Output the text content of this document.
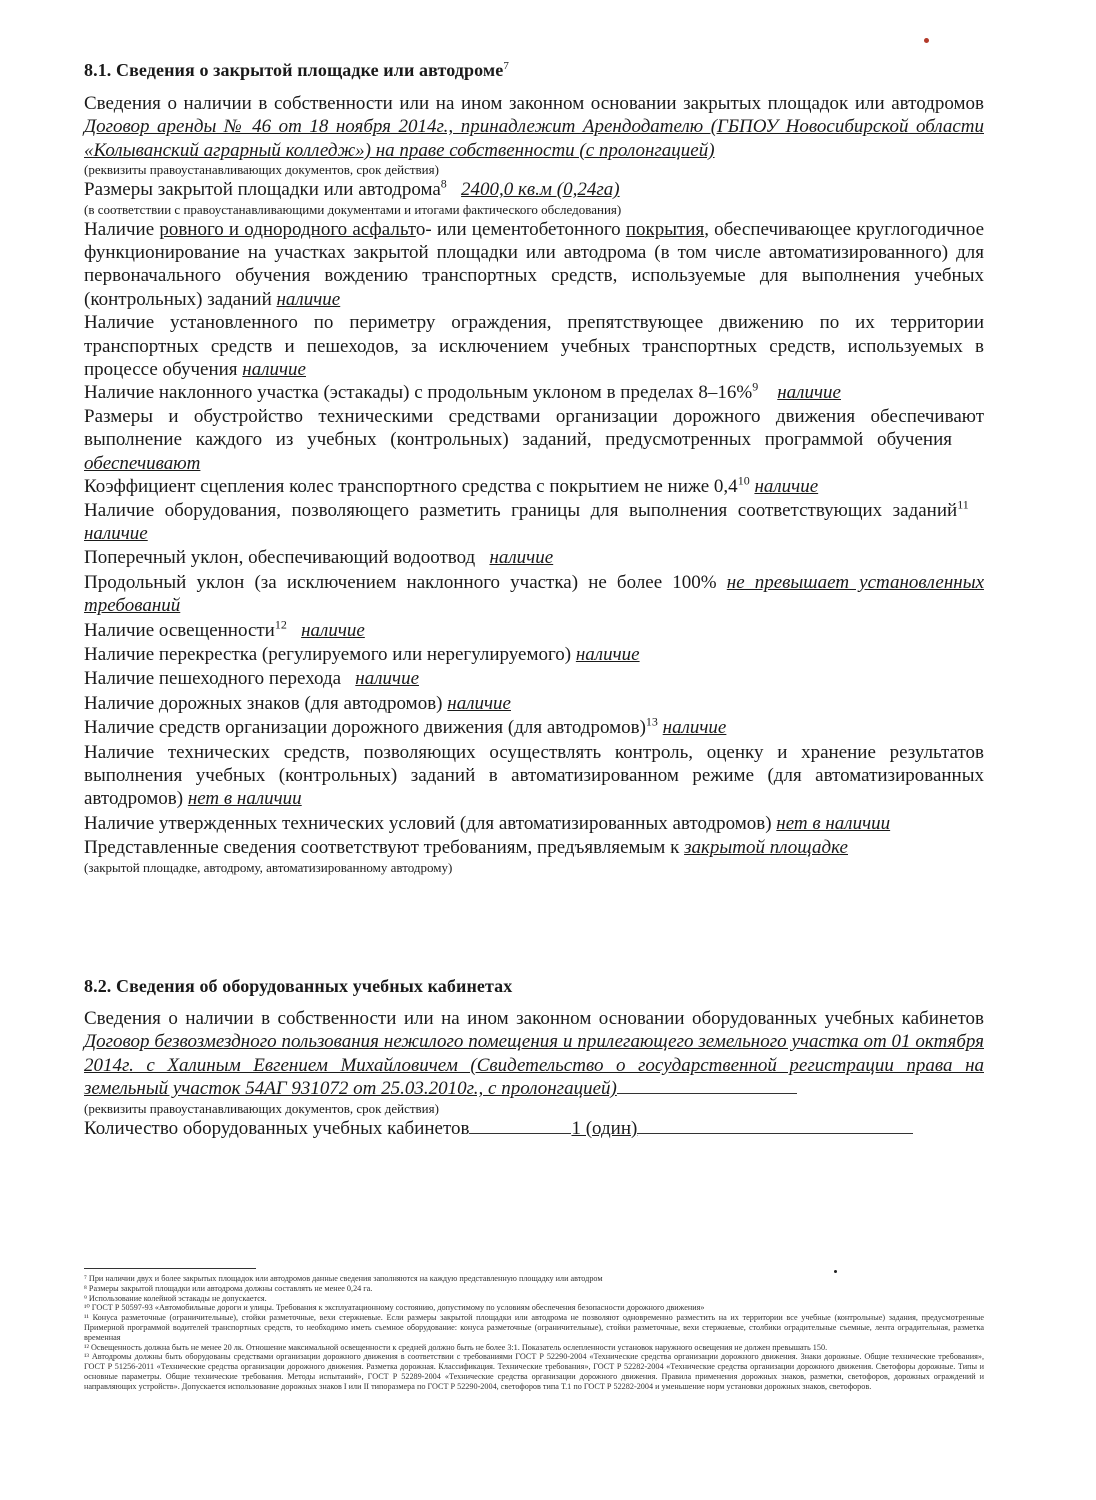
8.1. Сведения о закрытой площадке или автодроме$^7$

Сведения о наличии в собственности или на ином законном основании закрытых площадок или автодромов Договор аренды № 46 от 18 ноября 2014г., принадлежит Арендодателю (ГБПОУ Новосибирской области «Колыванский аграрный колледж») на праве собственности (с пролонгацией)

(реквизиты правоустанавливающих документов, срок действия)

Размеры закрытой площадки или автодрома$^8$ 2400,0 кв.м (0,24га)

(в соответствии с правоустанавливающими документами и итогами фактического обследования)

Наличие ровного и однородного асфальто- или цементобетонного покрытия, обеспечивающее круглогодичное функционирование на участках закрытой площадки или автодрома (в том числе автоматизированного) для первоначального обучения вождению транспортных средств, используемые для выполнения учебных (контрольных) заданий наличие

Наличие установленного по периметру ограждения, препятствующее движению по их территории транспортных средств и пешеходов, за исключением учебных транспортных средств, используемых в процессе обучения наличие

Наличие наклонного участка (эстакады) с продольным уклоном в пределах 8–16%$^9$ наличие

Размеры и обустройство техническими средствами организации дорожного движения обеспечивают выполнение каждого из учебных (контрольных) заданий, предусмотренных программой обучения    обеспечивают

Коэффициент сцепления колес транспортного средства с покрытием не ниже $0,4^{10}$ наличие

Наличие оборудования, позволяющего разметить границы для выполнения соответствующих заданий$^{11}$   наличие

Поперечный уклон, обеспечивающий водоотвод наличие

Продольный уклон (за исключением наклонного участка) не более 100% не превышает установленных требований

Наличие освещенности$^{12}$ наличие

Наличие перекрестка (регулируемого или нерегулируемого) наличие

Наличие пешеходного перехода наличие

Наличие дорожных знаков (для автодромов) наличие

Наличие средств организации дорожного движения (для автодромов)$^{13}$ наличие

Наличие технических средств, позволяющих осуществлять контроль, оценку и хранение результатов выполнения учебных (контрольных) заданий в автоматизированном режиме (для автоматизированных автодромов) нет в наличии

Наличие утвержденных технических условий (для автоматизированных автодромов) нет в наличии

Представленные сведения соответствуют требованиям, предъявляемым к закрытой площадке

(закрытой площадке, автодрому, автоматизированному автодрому)

8.2. Сведения об оборудованных учебных кабинетах

Сведения о наличии в собственности или на ином законном основании оборудованных учебных кабинетов Договор безвозмездного пользования нежилого помещения и прилегающего земельного участка от 01 октября 2014г. с Халиным Евгением Михайловичем (Свидетельство о государственной регистрации права на земельный участок 54АГ 931072 от 25.03.2010г., с пролонгацией)

(реквизиты правоустанавливающих документов, срок действия)

Количество оборудованных учебных кабинетов	1 (один)

⁷ При наличии двух и более закрытых площадок или автодромов данные сведения заполняются на каждую представленную площадку или автодром

⁸ Размеры закрытой площадки или автодрома должны составлять не менее 0,24 га.

⁹ Использование колейной эстакады не допускается.

¹⁰ ГОСТ Р 50597-93 «Автомобильные дороги и улицы. Требования к эксплуатационному состоянию, допустимому по условиям обеспечения безопасности дорожного движения»

¹¹ Конуса разметочные (ограничительные), стойки разметочные, вехи стержневые. Если размеры закрытой площадки или автодрома не позволяют одновременно разместить на их территории все учебные (контрольные) задания, предусмотренные Примерной программой водителей транспортных средств, то необходимо иметь съемное оборудование: конуса разметочные (ограничительные), стойки разметочные, вехи стержневые, столбики оградительные съемные, лента оградительная, разметка временная

¹² Освещенность должна быть не менее 20 лк. Отношение максимальной освещенности к средней должно быть не более 3:1. Показатель ослепленности установок наружного освещения не должен превышать 150.

¹³ Автодромы должны быть оборудованы средствами организации дорожного движения в соответствии с требованиями ГОСТ Р 52290-2004 «Технические средства организации дорожного движения. Знаки дорожные. Общие технические требования», ГОСТ Р 51256-2011 «Технические средства организации дорожного движения. Разметка дорожная. Классификация. Технические требования», ГОСТ Р 52282-2004 «Технические средства организации дорожного движения. Светофоры дорожные. Типы и основные параметры. Общие технические требования. Методы испытаний», ГОСТ Р 52289-2004 «Технические средства организации дорожного движения. Правила применения дорожных знаков, разметки, светофоров, дорожных ограждений и направляющих устройств». Допускается использование дорожных знаков I или II типоразмера по ГОСТ Р 52290-2004, светофоров типа Т.1 по ГОСТ Р 52282-2004 и уменьшение норм установки дорожных знаков, светофоров.
